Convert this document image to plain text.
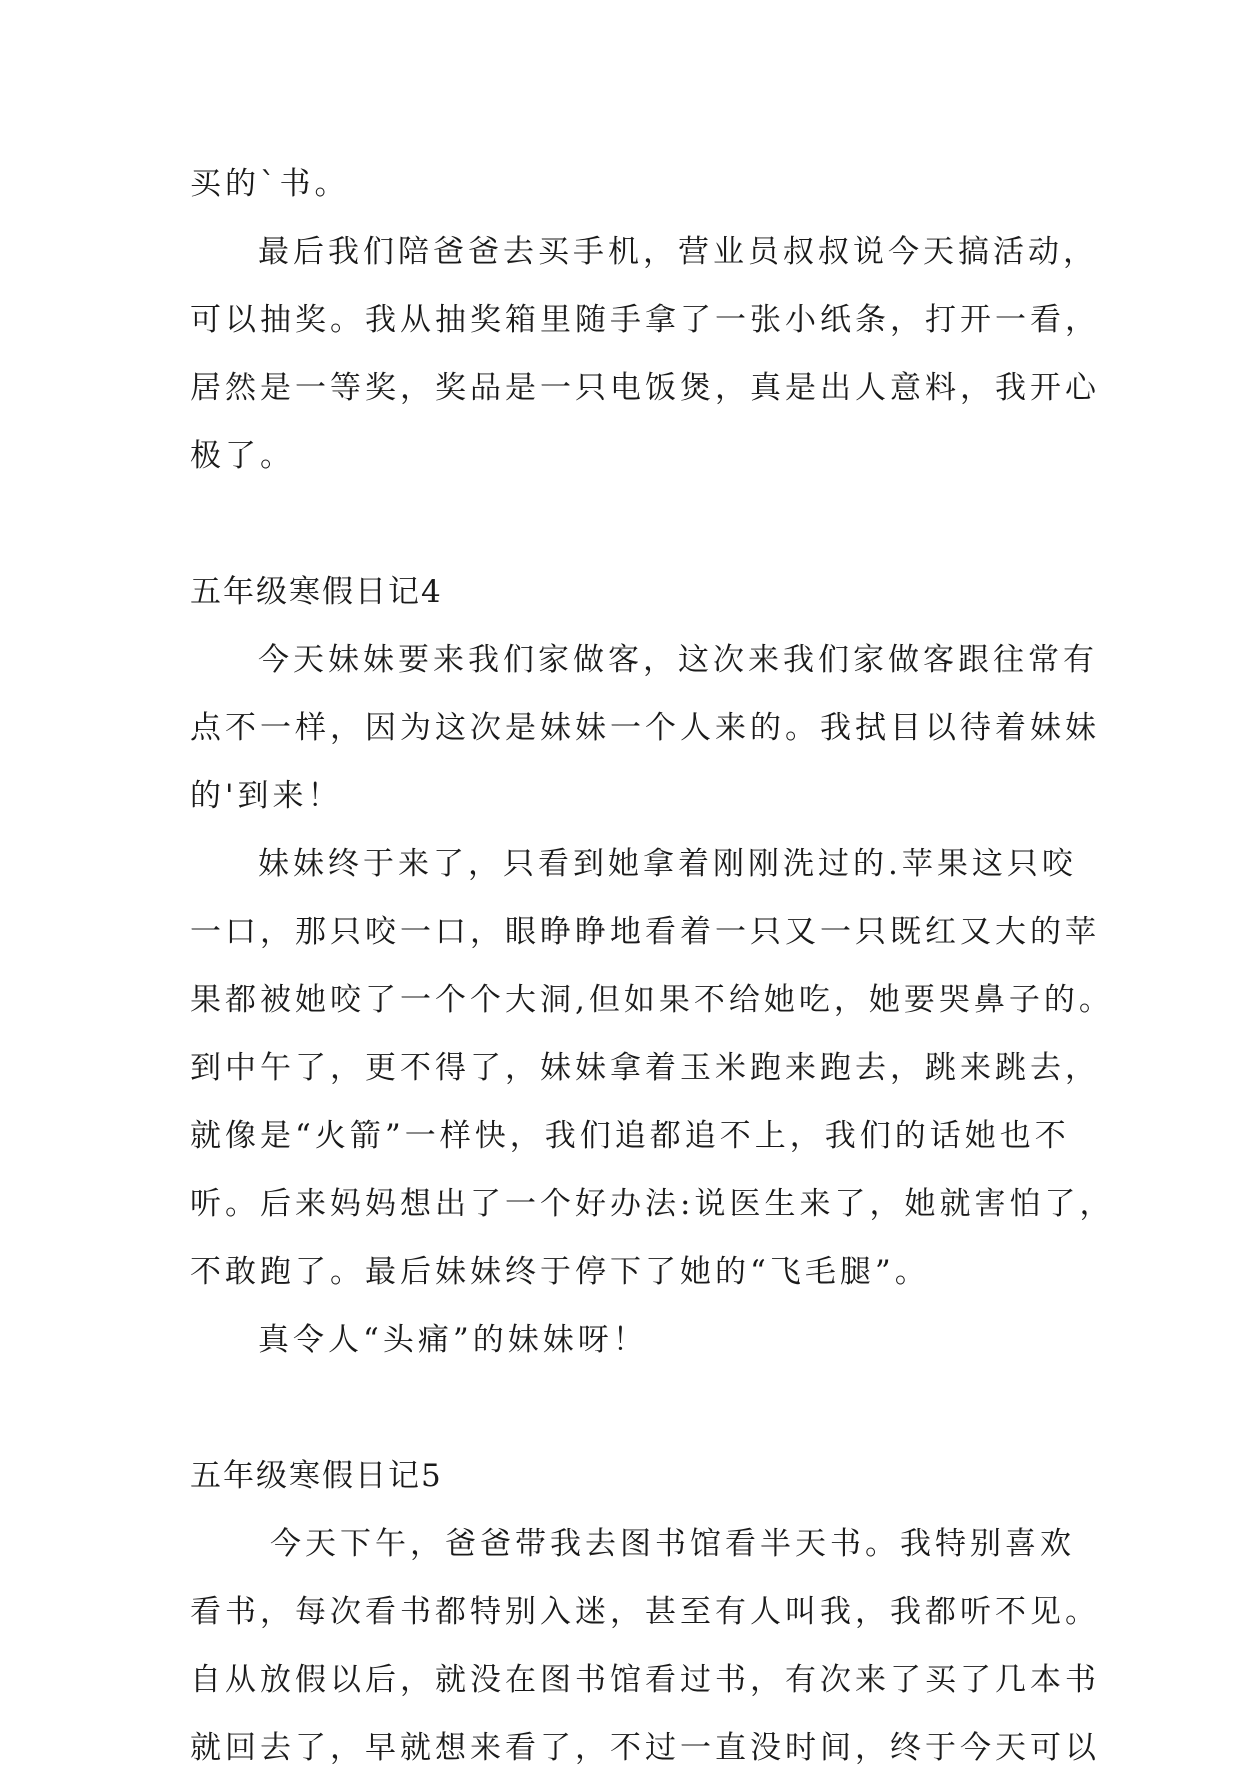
买的`书。
最后我们陪爸爸去买手机，营业员叔叔说今天搞活动，
可以抽奖。我从抽奖箱里随手拿了一张小纸条，打开一看，
居然是一等奖，奖品是一只电饭煲，真是出人意料，我开心
极了。
五年级寒假日记4
今天妹妹要来我们家做客，这次来我们家做客跟往常有
点不一样，因为这次是妹妹一个人来的。我拭目以待着妹妹
的'到来！
妹妹终于来了，只看到她拿着刚刚洗过的.苹果这只咬
一口，那只咬一口，眼睁睁地看着一只又一只既红又大的苹
果都被她咬了一个个大洞,但如果不给她吃，她要哭鼻子的。
到中午了，更不得了，妹妹拿着玉米跑来跑去，跳来跳去，
就像是“火箭”一样快，我们追都追不上，我们的话她也不
听。后来妈妈想出了一个好办法:说医生来了，她就害怕了，
不敢跑了。最后妹妹终于停下了她的“飞毛腿”。
真令人“头痛”的妹妹呀！
五年级寒假日记5
今天下午，爸爸带我去图书馆看半天书。我特别喜欢
看书，每次看书都特别入迷，甚至有人叫我，我都听不见。
自从放假以后，就没在图书馆看过书，有次来了买了几本书
就回去了，早就想来看了，不过一直没时间，终于今天可以
